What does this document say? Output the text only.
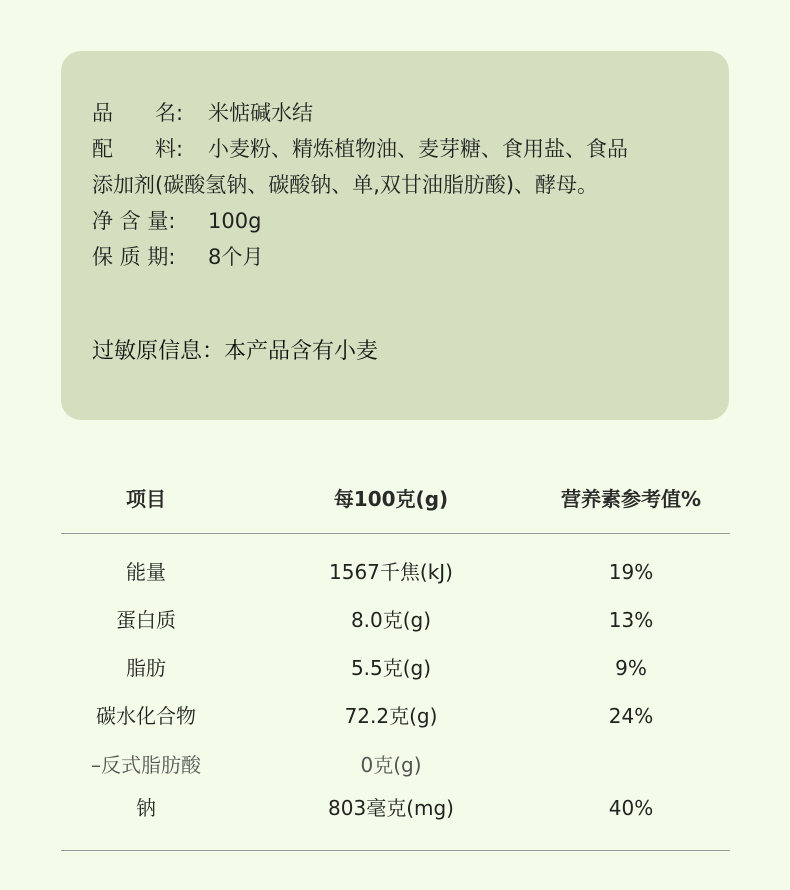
品　　名: 米惦碱水结
配　　料: 小麦粉、精炼植物油、麦芽糖、食用盐、食品
添加剂(碳酸氢钠、碳酸钠、单,双甘油脂肪酸)、酵母。
净 含 量: 100g
保 质 期: 8个月
过敏原信息：本产品含有小麦
项目	每100克(g)	营养素参考值%
能量	1567千焦(kJ)	19%
蛋白质	8.0克(g)	13%
脂肪	5.5克(g)	9%
碳水化合物	72.2克(g)	24%
–反式脂肪酸	0克(g)
钠	803毫克(mg)	40%
